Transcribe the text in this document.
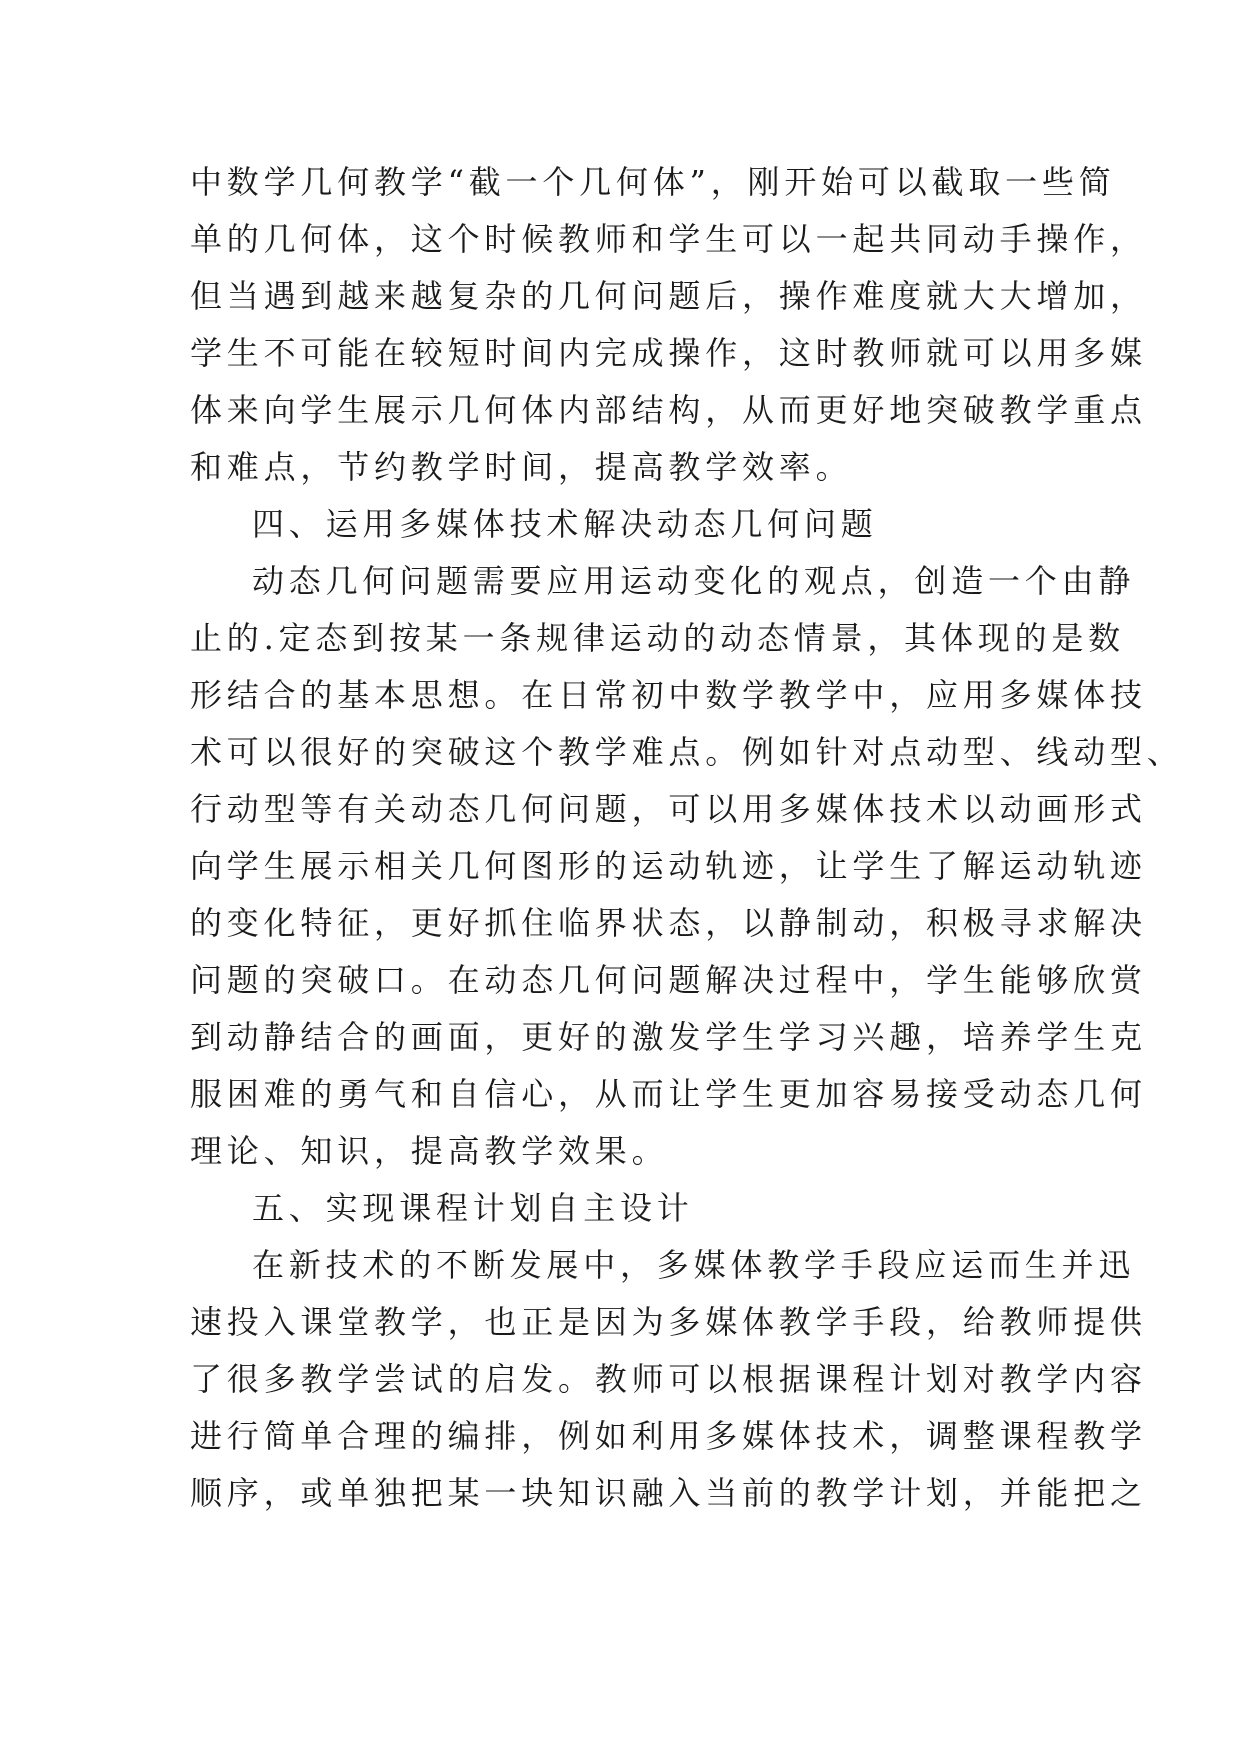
中数学几何教学“截一个几何体”，刚开始可以截取一些简
单的几何体，这个时候教师和学生可以一起共同动手操作，
但当遇到越来越复杂的几何问题后，操作难度就大大增加，
学生不可能在较短时间内完成操作，这时教师就可以用多媒
体来向学生展示几何体内部结构，从而更好地突破教学重点
和难点，节约教学时间，提高教学效率。
四、运用多媒体技术解决动态几何问题
动态几何问题需要应用运动变化的观点，创造一个由静
止的.定态到按某一条规律运动的动态情景，其体现的是数
形结合的基本思想。在日常初中数学教学中，应用多媒体技
术可以很好的突破这个教学难点。例如针对点动型、线动型、
行动型等有关动态几何问题，可以用多媒体技术以动画形式
向学生展示相关几何图形的运动轨迹，让学生了解运动轨迹
的变化特征，更好抓住临界状态，以静制动，积极寻求解决
问题的突破口。在动态几何问题解决过程中，学生能够欣赏
到动静结合的画面，更好的激发学生学习兴趣，培养学生克
服困难的勇气和自信心，从而让学生更加容易接受动态几何
理论、知识，提高教学效果。
五、实现课程计划自主设计
在新技术的不断发展中，多媒体教学手段应运而生并迅
速投入课堂教学，也正是因为多媒体教学手段，给教师提供
了很多教学尝试的启发。教师可以根据课程计划对教学内容
进行简单合理的编排，例如利用多媒体技术，调整课程教学
顺序，或单独把某一块知识融入当前的教学计划，并能把之
